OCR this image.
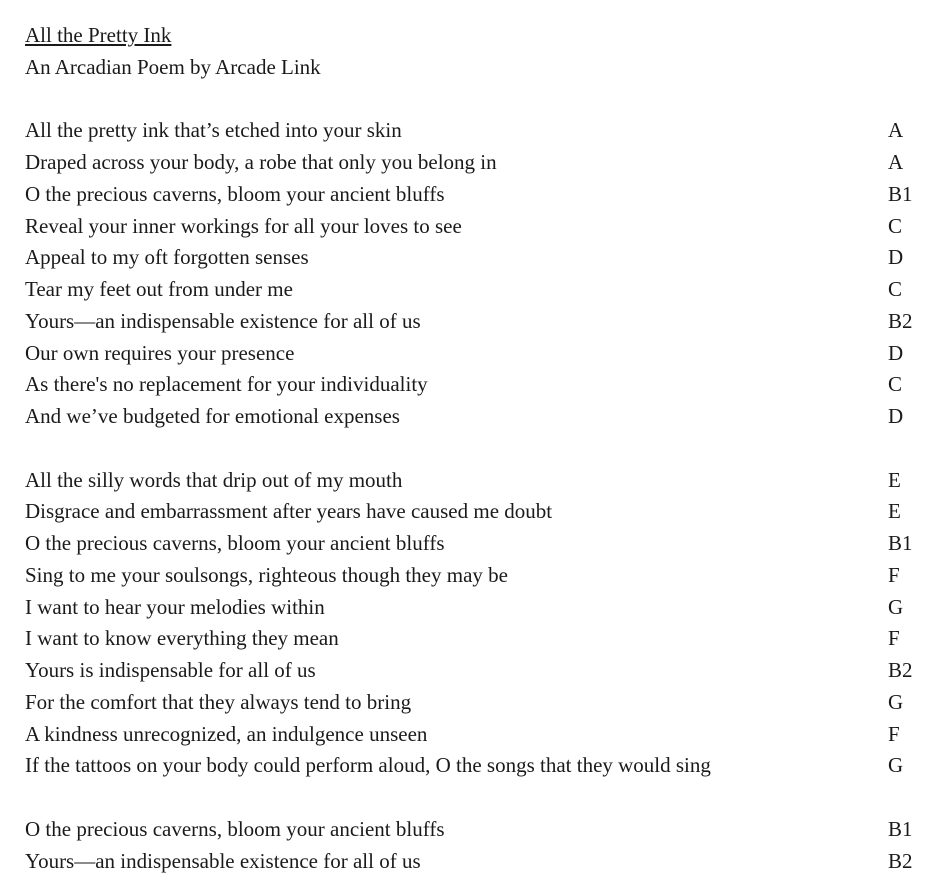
All the Pretty Ink
An Arcadian Poem by Arcade Link
All the pretty ink that’s etched into your skin	A
Draped across your body, a robe that only you belong in	A
O the precious caverns, bloom your ancient bluffs	B1
Reveal your inner workings for all your loves to see	C
Appeal to my oft forgotten senses	D
Tear my feet out from under me	C
Yours—an indispensable existence for all of us	B2
Our own requires your presence	D
As there's no replacement for your individuality	C
And we’ve budgeted for emotional expenses	D
All the silly words that drip out of my mouth	E
Disgrace and embarrassment after years have caused me doubt	E
O the precious caverns, bloom your ancient bluffs	B1
Sing to me your soulsongs, righteous though they may be	F
I want to hear your melodies within	G
I want to know everything they mean	F
Yours is indispensable for all of us	B2
For the comfort that they always tend to bring	G
A kindness unrecognized, an indulgence unseen	F
If the tattoos on your body could perform aloud, O the songs that they would sing	G
O the precious caverns, bloom your ancient bluffs	B1
Yours—an indispensable existence for all of us	B2
